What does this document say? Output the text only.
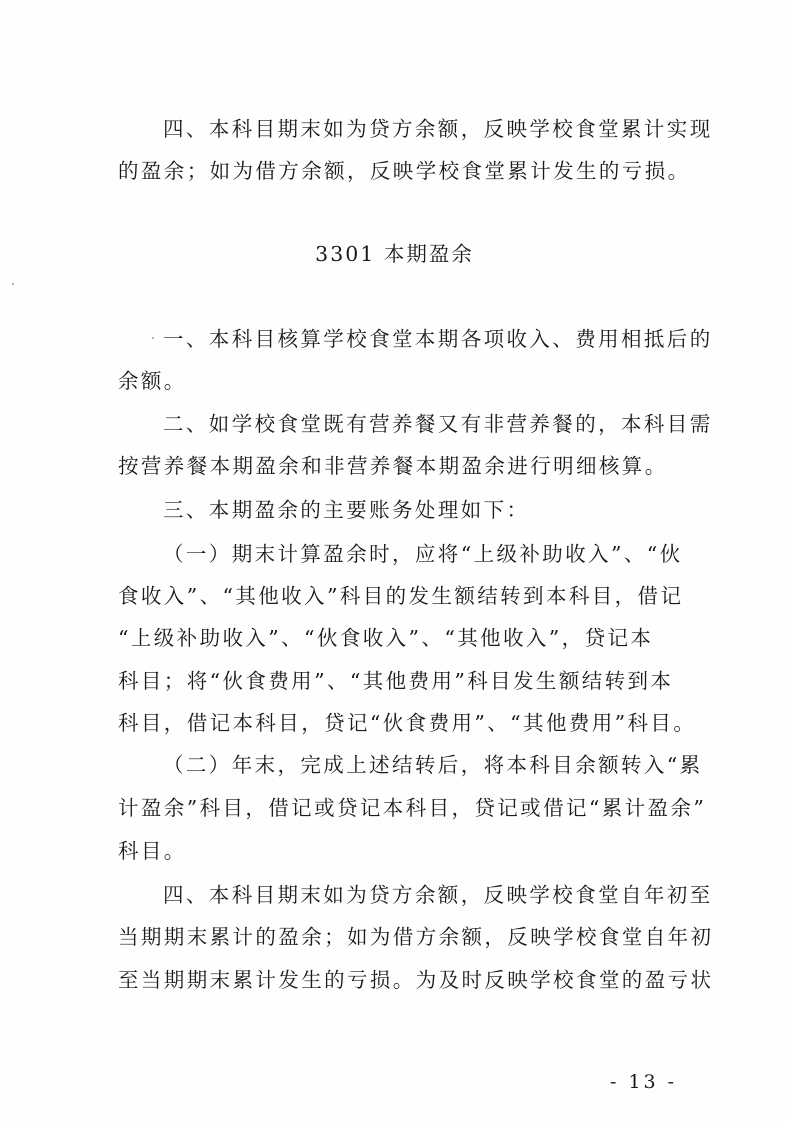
四、本科目期末如为贷方余额，反映学校食堂累计实现
的盈余；如为借方余额，反映学校食堂累计发生的亏损。
3301 本期盈余
一、本科目核算学校食堂本期各项收入、费用相抵后的
余额。
二、如学校食堂既有营养餐又有非营养餐的，本科目需
按营养餐本期盈余和非营养餐本期盈余进行明细核算。
三、本期盈余的主要账务处理如下：
（一）期末计算盈余时，应将“上级补助收入”、“伙
食收入”、“其他收入”科目的发生额结转到本科目，借记
“上级补助收入”、“伙食收入”、“其他收入”，贷记本
科目；将“伙食费用”、“其他费用”科目发生额结转到本
科目，借记本科目，贷记“伙食费用”、“其他费用”科目。
（二）年末，完成上述结转后，将本科目余额转入“累
计盈余”科目，借记或贷记本科目，贷记或借记“累计盈余”
科目。
四、本科目期末如为贷方余额，反映学校食堂自年初至
当期期末累计的盈余；如为借方余额，反映学校食堂自年初
至当期期末累计发生的亏损。为及时反映学校食堂的盈亏状
- 13 -
